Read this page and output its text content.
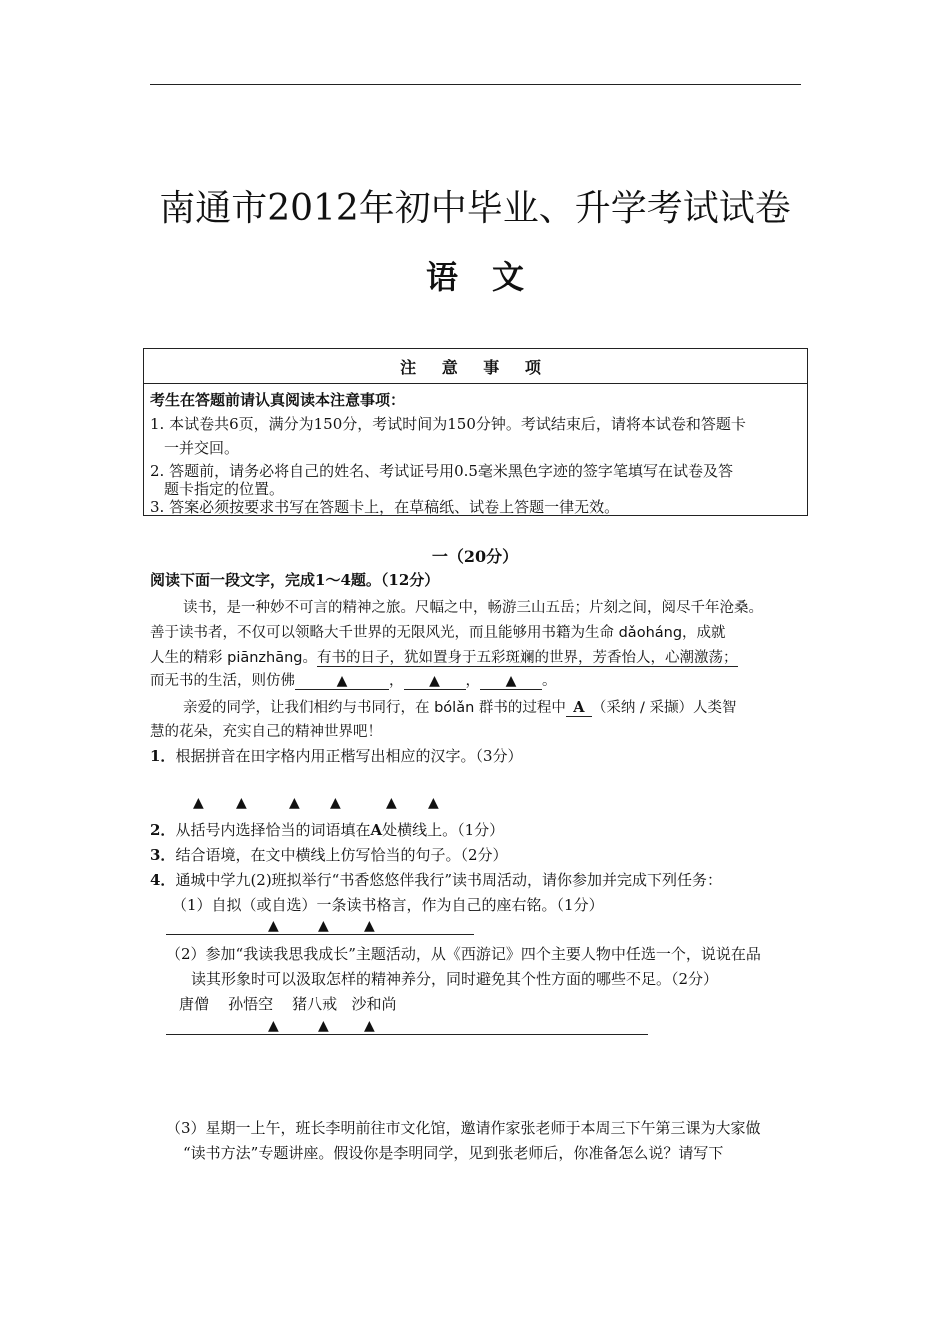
南通市2012年初中毕业、升学考试试卷
语文
注 意 事 项
考生在答题前请认真阅读本注意事项：
1. 本试卷共6页，满分为150分，考试时间为150分钟。考试结束后，请将本试卷和答题卡
一并交回。
2. 答题前，请务必将自己的姓名、考试证号用0.5毫米黑色字迹的签字笔填写在试卷及答
题卡指定的位置。
3. 答案必须按要求书写在答题卡上，在草稿纸、试卷上答题一律无效。
一（20分）
阅读下面一段文字，完成1～4题。（12分）
读书，是一种妙不可言的精神之旅。尺幅之中，畅游三山五岳；片刻之间，阅尽千年沧桑。
善于读书者，不仅可以领略大千世界的无限风光，而且能够用书籍为生命 dǎoháng，成就
人生的精彩 piānzhāng。有书的日子，犹如置身于五彩斑斓的世界，芳香怡人，心潮激荡；
而无书的生活，则仿佛	▲	， ▲ ， ▲ 。
亲爱的同学，让我们相约与书同行，在 bólǎn 群书的过程中 A （采纳 / 采撷）人类智
慧的花朵，充实自己的精神世界吧！
1．根据拼音在田字格内用正楷写出相应的汉字。（3分）
▲ ▲	▲ ▲	▲ ▲
2．从括号内选择恰当的词语填在A处横线上。（1分）
3．结合语境，在文中横线上仿写恰当的句子。（2分）
4．通城中学九(2)班拟举行“书香悠悠伴我行”读书周活动，请你参加并完成下列任务：
（1）自拟（或自选）一条读书格言，作为自己的座右铭。（1分）
▲	▲	▲
（2）参加“我读我思我成长”主题活动，从《西游记》四个主要人物中任选一个，说说在品
读其形象时可以汲取怎样的精神养分，同时避免其个性方面的哪些不足。（2分）
唐僧    孙悟空    猪八戒   沙和尚
▲	▲	▲
（3）星期一上午，班长李明前往市文化馆，邀请作家张老师于本周三下午第三课为大家做
“读书方法”专题讲座。假设你是李明同学，见到张老师后，你准备怎么说？请写下
